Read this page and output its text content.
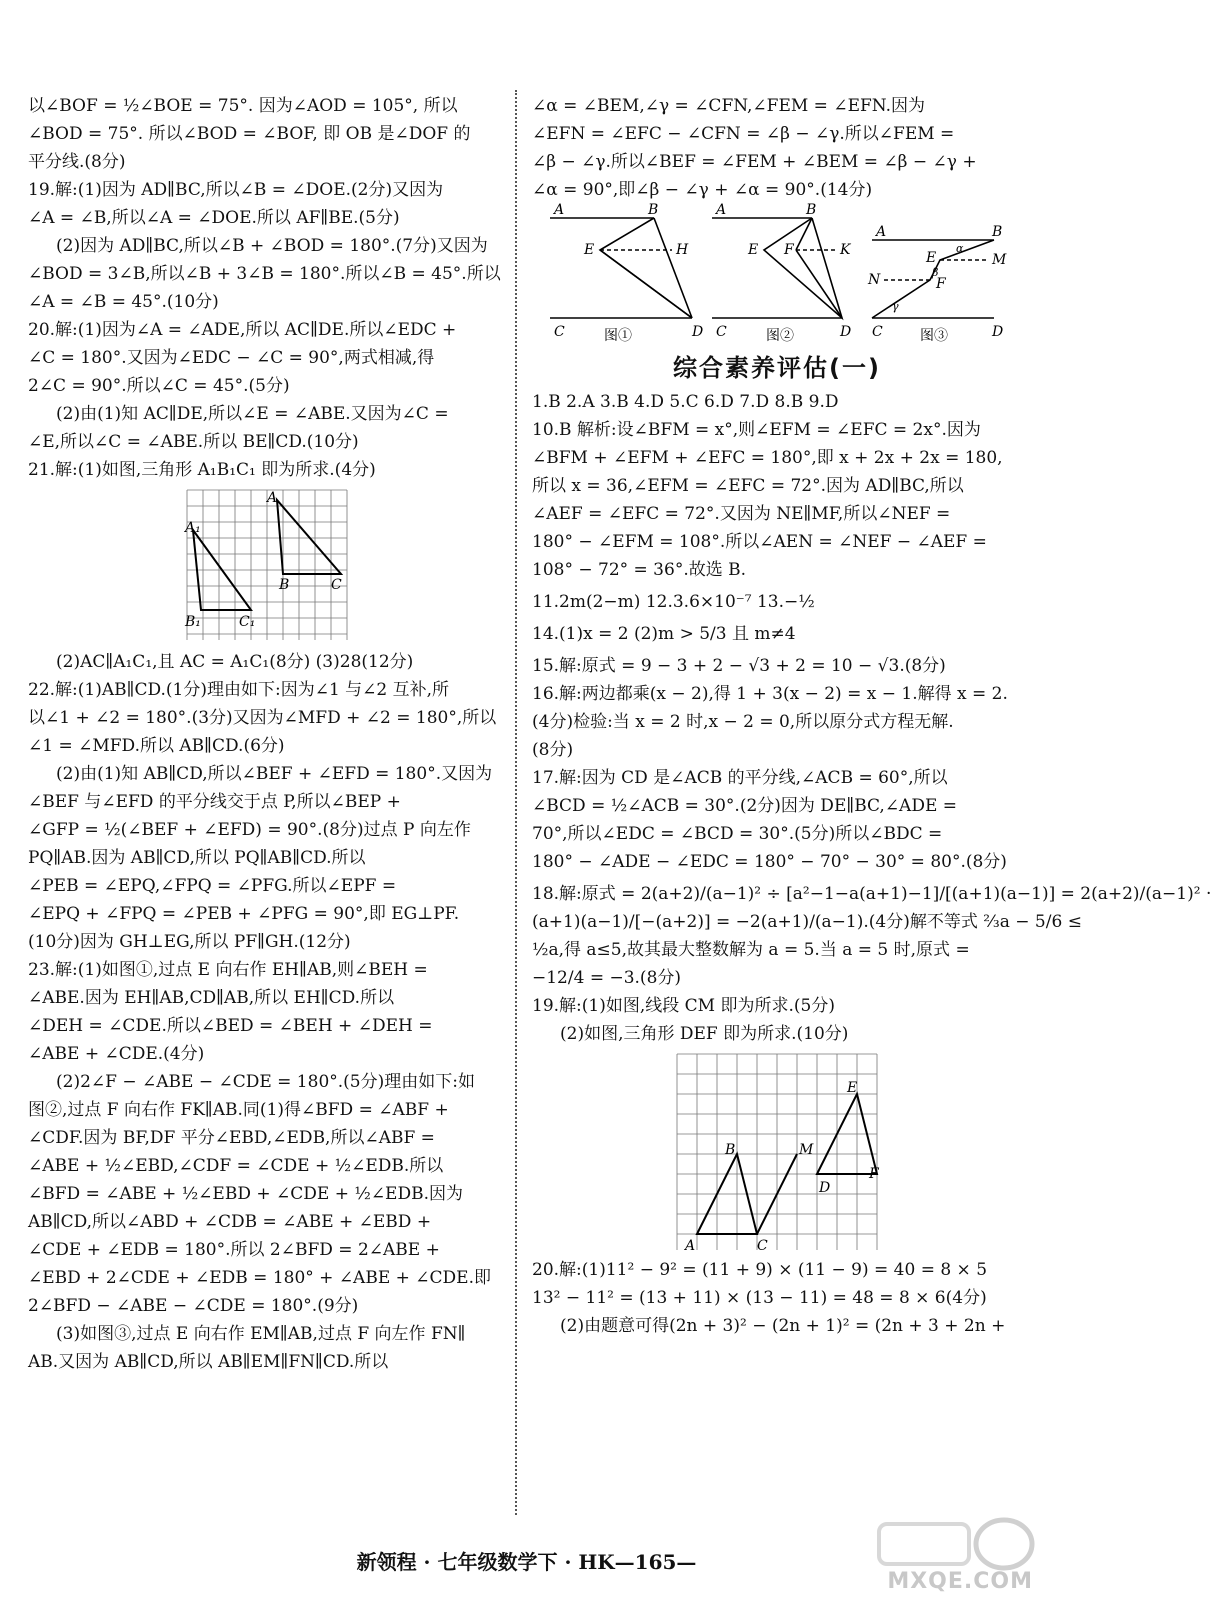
以∠BOF = ½∠BOE = 75°. 因为∠AOD = 105°, 所以
∠BOD = 75°. 所以∠BOD = ∠BOF, 即 OB 是∠DOF 的
平分线.(8分)
19.解:(1)因为 AD∥BC,所以∠B = ∠DOE.(2分)又因为
∠A = ∠B,所以∠A = ∠DOE.所以 AF∥BE.(5分)
(2)因为 AD∥BC,所以∠B + ∠BOD = 180°.(7分)又因为
∠BOD = 3∠B,所以∠B + 3∠B = 180°.所以∠B = 45°.所以
∠A = ∠B = 45°.(10分)
20.解:(1)因为∠A = ∠ADE,所以 AC∥DE.所以∠EDC +
∠C = 180°.又因为∠EDC − ∠C = 90°,两式相减,得
2∠C = 90°.所以∠C = 45°.(5分)
(2)由(1)知 AC∥DE,所以∠E = ∠ABE.又因为∠C =
∠E,所以∠C = ∠ABE.所以 BE∥CD.(10分)
21.解:(1)如图,三角形 A₁B₁C₁ 即为所求.(4分)
A
B	C
A₁
B₁	C₁
(2)AC∥A₁C₁,且 AC = A₁C₁(8分) (3)28(12分)
22.解:(1)AB∥CD.(1分)理由如下:因为∠1 与∠2 互补,所
以∠1 + ∠2 = 180°.(3分)又因为∠MFD + ∠2 = 180°,所以
∠1 = ∠MFD.所以 AB∥CD.(6分)
(2)由(1)知 AB∥CD,所以∠BEF + ∠EFD = 180°.又因为
∠BEF 与∠EFD 的平分线交于点 P,所以∠BEP +
∠GFP = ½(∠BEF + ∠EFD) = 90°.(8分)过点 P 向左作
PQ∥AB.因为 AB∥CD,所以 PQ∥AB∥CD.所以
∠PEB = ∠EPQ,∠FPQ = ∠PFG.所以∠EPF =
∠EPQ + ∠FPQ = ∠PEB + ∠PFG = 90°,即 EG⊥PF.
(10分)因为 GH⊥EG,所以 PF∥GH.(12分)
23.解:(1)如图①,过点 E 向右作 EH∥AB,则∠BEH =
∠ABE.因为 EH∥AB,CD∥AB,所以 EH∥CD.所以
∠DEH = ∠CDE.所以∠BED = ∠BEH + ∠DEH =
∠ABE + ∠CDE.(4分)
(2)2∠F − ∠ABE − ∠CDE = 180°.(5分)理由如下:如
图②,过点 F 向右作 FK∥AB.同(1)得∠BFD = ∠ABF +
∠CDF.因为 BF,DF 平分∠EBD,∠EDB,所以∠ABF =
∠ABE + ½∠EBD,∠CDF = ∠CDE + ½∠EDB.所以
∠BFD = ∠ABE + ½∠EBD + ∠CDE + ½∠EDB.因为
AB∥CD,所以∠ABD + ∠CDB = ∠ABE + ∠EBD +
∠CDE + ∠EDB = 180°.所以 2∠BFD = 2∠ABE +
∠EBD + 2∠CDE + ∠EDB = 180° + ∠ABE + ∠CDE.即
2∠BFD − ∠ABE − ∠CDE = 180°.(9分)
(3)如图③,过点 E 向右作 EM∥AB,过点 F 向左作 FN∥
AB.又因为 AB∥CD,所以 AB∥EM∥FN∥CD.所以
∠α = ∠BEM,∠γ = ∠CFN,∠FEM = ∠EFN.因为
∠EFN = ∠EFC − ∠CFN = ∠β − ∠γ.所以∠FEM =
∠β − ∠γ.所以∠BEF = ∠FEM + ∠BEM = ∠β − ∠γ +
∠α = 90°,即∠β − ∠γ + ∠α = 90°.(14分)
A	B
E	H
C	D
图①
A	B
E F	K
C	D
图②
A	B
E	M
F
N
C	D
α
β
γ
图③
综合素养评估(一)
1.B 2.A 3.B 4.D 5.C 6.D 7.D 8.B 9.D
10.B 解析:设∠BFM = x°,则∠EFM = ∠EFC = 2x°.因为
∠BFM + ∠EFM + ∠EFC = 180°,即 x + 2x + 2x = 180,
所以 x = 36,∠EFM = ∠EFC = 72°.因为 AD∥BC,所以
∠AEF = ∠EFC = 72°.又因为 NE∥MF,所以∠NEF =
180° − ∠EFM = 108°.所以∠AEN = ∠NEF − ∠AEF =
108° − 72° = 36°.故选 B.
11.2m(2−m) 12.3.6×10⁻⁷ 13.−½
14.(1)x = 2 (2)m > 5/3 且 m≠4
15.解:原式 = 9 − 3 + 2 − √3 + 2 = 10 − √3.(8分)
16.解:两边都乘(x − 2),得 1 + 3(x − 2) = x − 1.解得 x = 2.
(4分)检验:当 x = 2 时,x − 2 = 0,所以原分式方程无解.
(8分)
17.解:因为 CD 是∠ACB 的平分线,∠ACB = 60°,所以
∠BCD = ½∠ACB = 30°.(2分)因为 DE∥BC,∠ADE =
70°,所以∠EDC = ∠BCD = 30°.(5分)所以∠BDC =
180° − ∠ADE − ∠EDC = 180° − 70° − 30° = 80°.(8分)
18.解:原式 = 2(a+2)/(a−1)² ÷ [a²−1−a(a+1)−1]/[(a+1)(a−1)] = 2(a+2)/(a−1)² ·
(a+1)(a−1)/[−(a+2)] = −2(a+1)/(a−1).(4分)解不等式 ⅔a − 5/6 ≤
½a,得 a≤5,故其最大整数解为 a = 5.当 a = 5 时,原式 =
−12/4 = −3.(8分)
19.解:(1)如图,线段 CM 即为所求.(5分)
(2)如图,三角形 DEF 即为所求.(10分)
A
B
C
M
D
E
F
20.解:(1)11² − 9² = (11 + 9) × (11 − 9) = 40 = 8 × 5
13² − 11² = (13 + 11) × (13 − 11) = 48 = 8 × 6(4分)
(2)由题意可得(2n + 3)² − (2n + 1)² = (2n + 3 + 2n +
新领程 · 七年级数学下 · HK—165—
MXQE.COM
